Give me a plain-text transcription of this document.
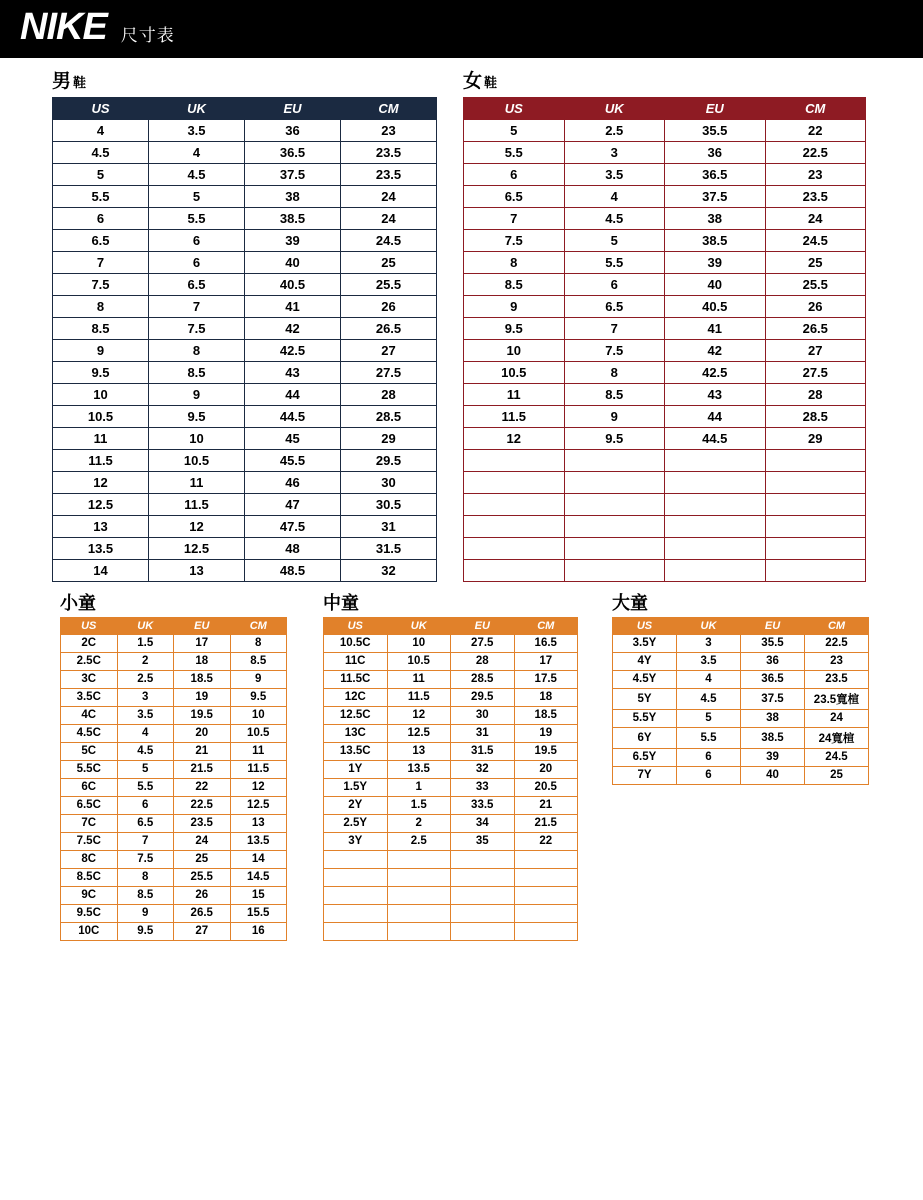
NIKE 尺寸表
男 鞋
US	UK	EU	CM
4	3.5	36	23
4.5	4	36.5	23.5
5	4.5	37.5	23.5
5.5	5	38	24
6	5.5	38.5	24
6.5	6	39	24.5
7	6	40	25
7.5	6.5	40.5	25.5
8	7	41	26
8.5	7.5	42	26.5
9	8	42.5	27
9.5	8.5	43	27.5
10	9	44	28
10.5	9.5	44.5	28.5
11	10	45	29
11.5	10.5	45.5	29.5
12	11	46	30
12.5	11.5	47	30.5
13	12	47.5	31
13.5	12.5	48	31.5
14	13	48.5	32
女 鞋
US	UK	EU	CM
5	2.5	35.5	22
5.5	3	36	22.5
6	3.5	36.5	23
6.5	4	37.5	23.5
7	4.5	38	24
7.5	5	38.5	24.5
8	5.5	39	25
8.5	6	40	25.5
9	6.5	40.5	26
9.5	7	41	26.5
10	7.5	42	27
10.5	8	42.5	27.5
11	8.5	43	28
11.5	9	44	28.5
12	9.5	44.5	29

小童
US	UK	EU	CM
2C	1.5	17	8
2.5C	2	18	8.5
3C	2.5	18.5	9
3.5C	3	19	9.5
4C	3.5	19.5	10
4.5C	4	20	10.5
5C	4.5	21	11
5.5C	5	21.5	11.5
6C	5.5	22	12
6.5C	6	22.5	12.5
7C	6.5	23.5	13
7.5C	7	24	13.5
8C	7.5	25	14
8.5C	8	25.5	14.5
9C	8.5	26	15
9.5C	9	26.5	15.5
10C	9.5	27	16
中童
US	UK	EU	CM
10.5C	10	27.5	16.5
11C	10.5	28	17
11.5C	11	28.5	17.5
12C	11.5	29.5	18
12.5C	12	30	18.5
13C	12.5	31	19
13.5C	13	31.5	19.5
1Y	13.5	32	20
1.5Y	1	33	20.5
2Y	1.5	33.5	21
2.5Y	2	34	21.5
3Y	2.5	35	22

大童
US	UK	EU	CM
3.5Y	3	35.5	22.5
4Y	3.5	36	23
4.5Y	4	36.5	23.5
5Y	4.5	37.5	23.5寬楦
5.5Y	5	38	24
6Y	5.5	38.5	24寬楦
6.5Y	6	39	24.5
7Y	6	40	25
